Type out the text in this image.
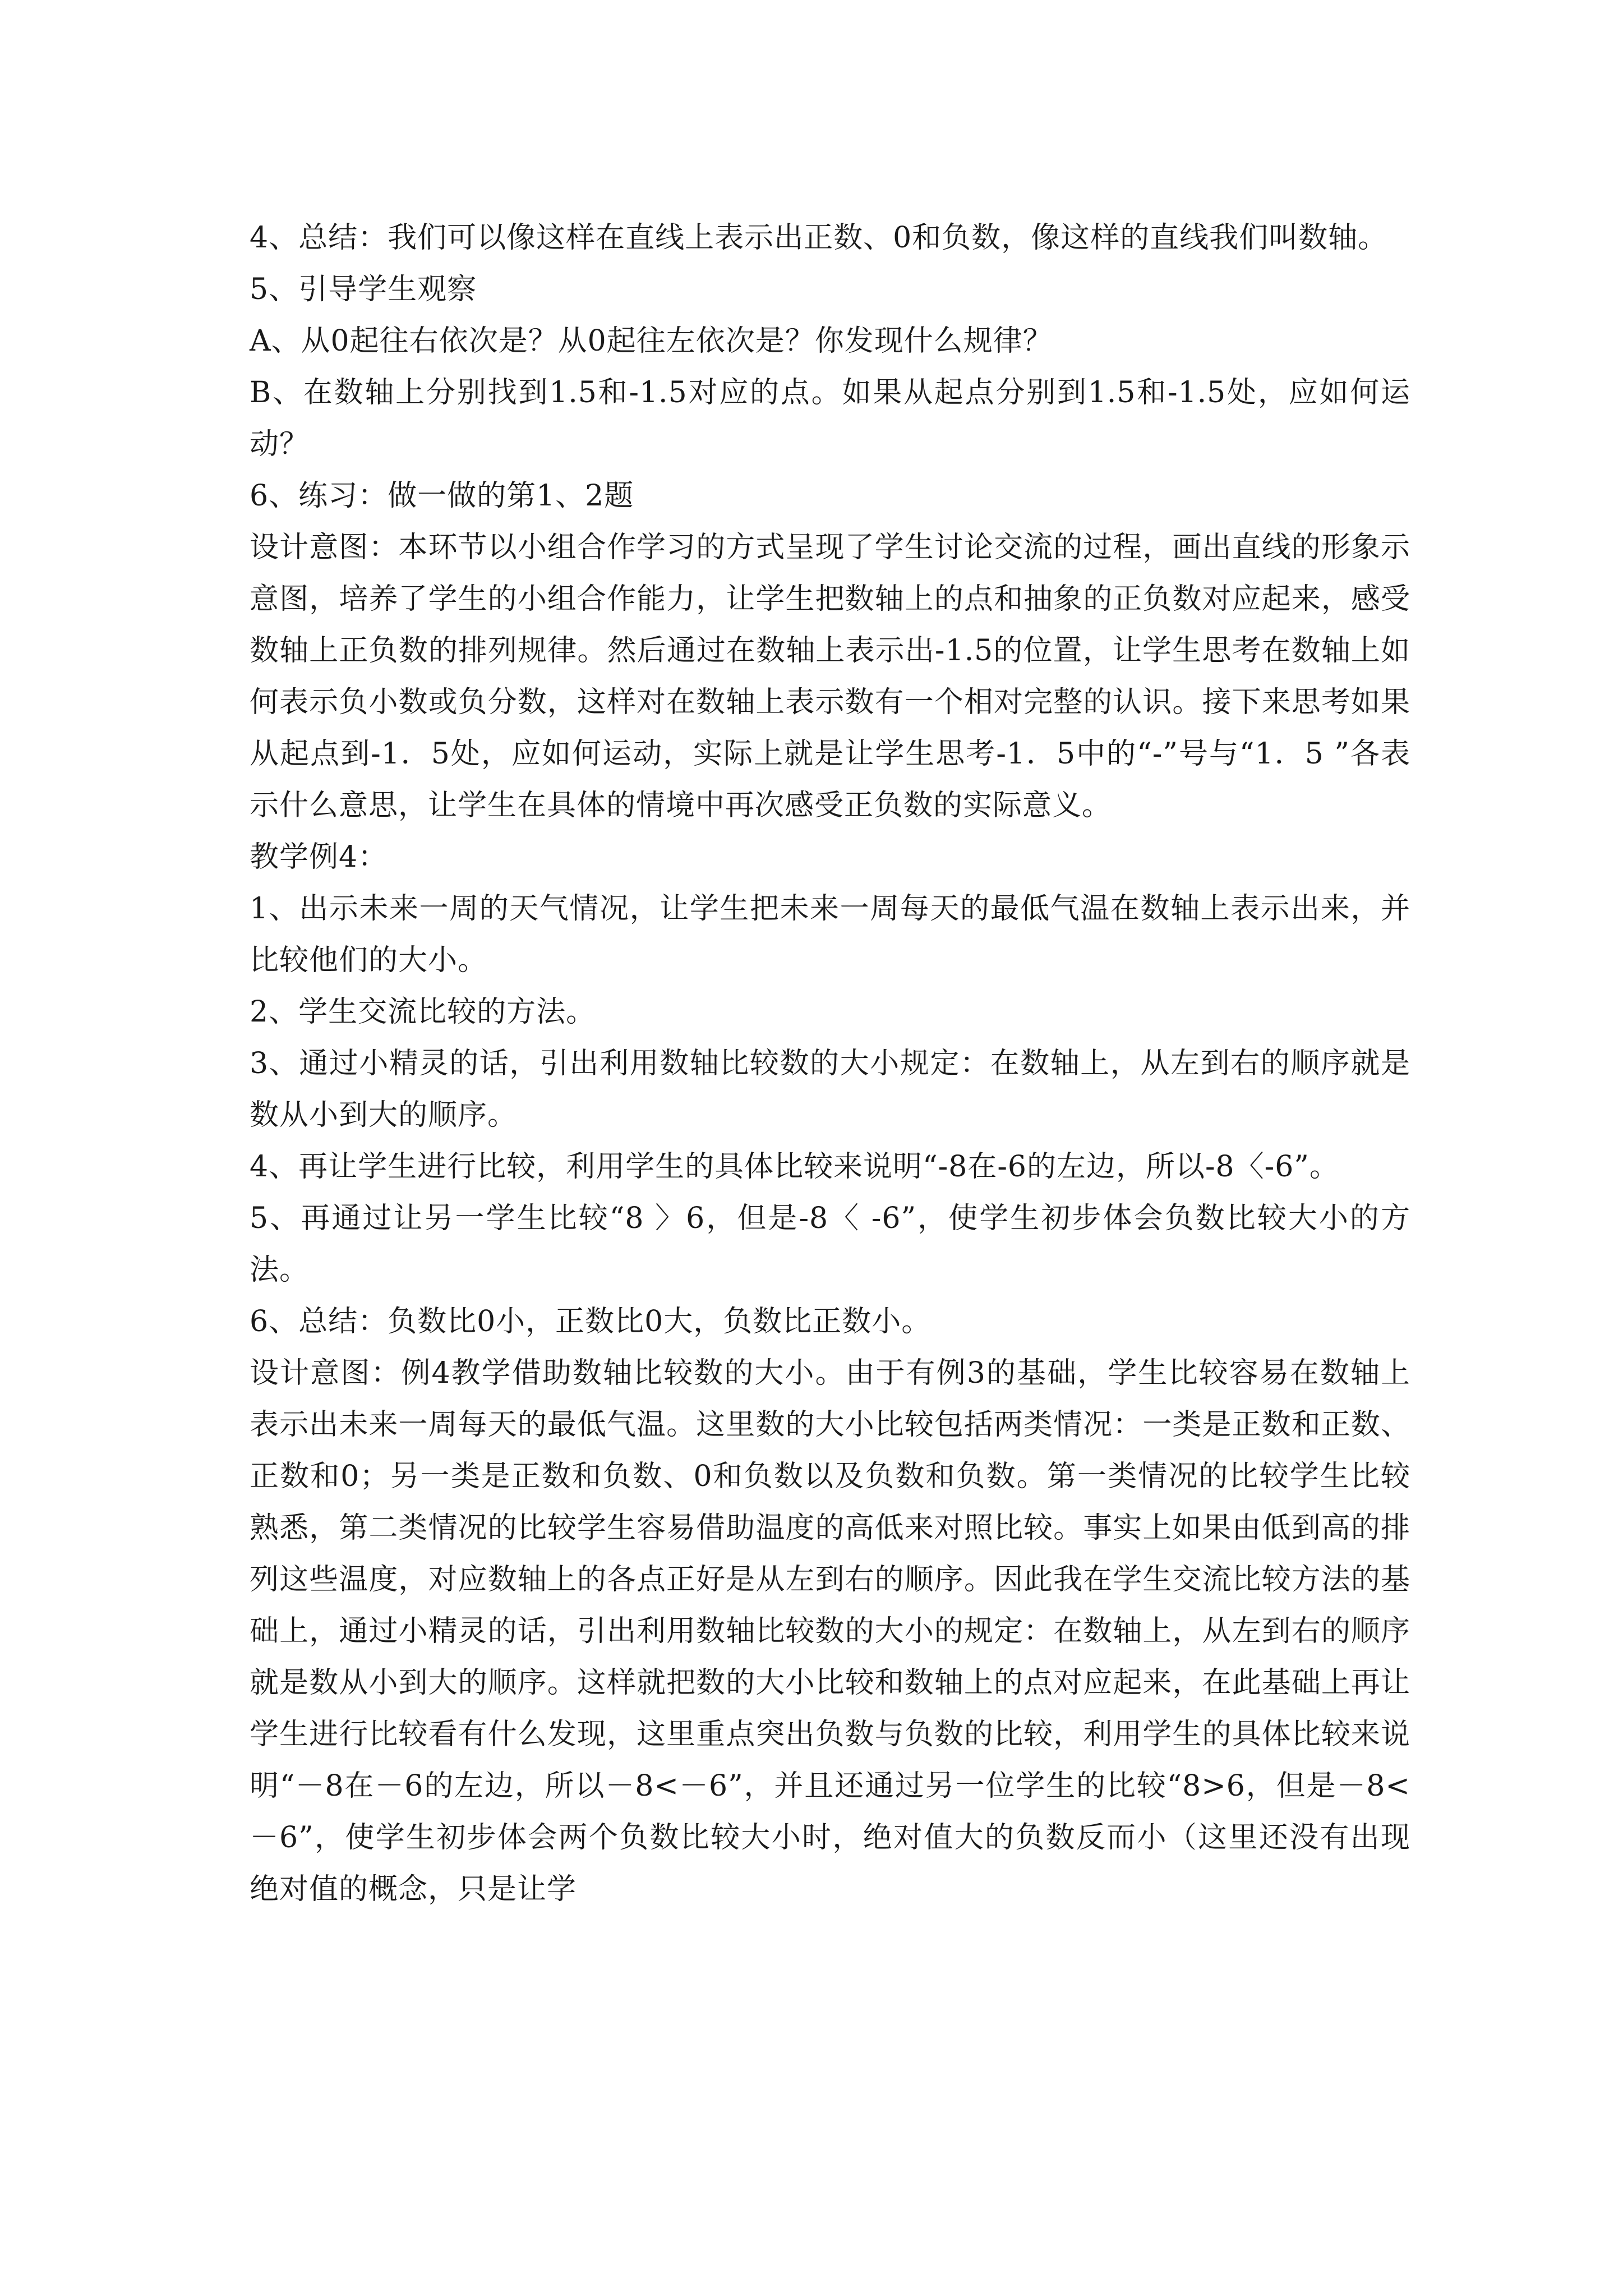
4、总结：我们可以像这样在直线上表示出正数、0和负数，像这样的直线我们叫数轴。

5、引导学生观察

A、从0起往右依次是？从0起往左依次是？你发现什么规律？

B、在数轴上分别找到1.5和-1.5对应的点。如果从起点分别到1.5和-1.5处，应如何运动？

6、练习：做一做的第1、2题

设计意图：本环节以小组合作学习的方式呈现了学生讨论交流的过程，画出直线的形象示意图，培养了学生的小组合作能力，让学生把数轴上的点和抽象的正负数对应起来，感受数轴上正负数的排列规律。然后通过在数轴上表示出-1.5的位置，让学生思考在数轴上如何表示负小数或负分数，这样对在数轴上表示数有一个相对完整的认识。接下来思考如果从起点到-1．5处，应如何运动，实际上就是让学生思考-1．5中的“-”号与“1．5 ”各表示什么意思，让学生在具体的情境中再次感受正负数的实际意义。

教学例4：

1、出示未来一周的天气情况，让学生把未来一周每天的最低气温在数轴上表示出来，并比较他们的大小。

2、学生交流比较的方法。

3、通过小精灵的话，引出利用数轴比较数的大小规定：在数轴上，从左到右的顺序就是数从小到大的顺序。

4、再让学生进行比较，利用学生的具体比较来说明“-8在-6的左边，所以-8〈-6”。

5、再通过让另一学生比较“8 〉6，但是-8〈 -6”，使学生初步体会负数比较大小的方法。

6、总结：负数比0小，正数比0大，负数比正数小。

设计意图：例4教学借助数轴比较数的大小。由于有例3的基础，学生比较容易在数轴上表示出未来一周每天的最低气温。这里数的大小比较包括两类情况：一类是正数和正数、正数和0；另一类是正数和负数、0和负数以及负数和负数。第一类情况的比较学生比较熟悉，第二类情况的比较学生容易借助温度的高低来对照比较。事实上如果由低到高的排列这些温度，对应数轴上的各点正好是从左到右的顺序。因此我在学生交流比较方法的基础上，通过小精灵的话，引出利用数轴比较数的大小的规定：在数轴上，从左到右的顺序就是数从小到大的顺序。这样就把数的大小比较和数轴上的点对应起来，在此基础上再让学生进行比较看有什么发现，这里重点突出负数与负数的比较，利用学生的具体比较来说明“－8在－6的左边，所以－8<－6”，并且还通过另一位学生的比较“8>6，但是－8<－6”，使学生初步体会两个负数比较大小时，绝对值大的负数反而小（这里还没有出现绝对值的概念，只是让学
